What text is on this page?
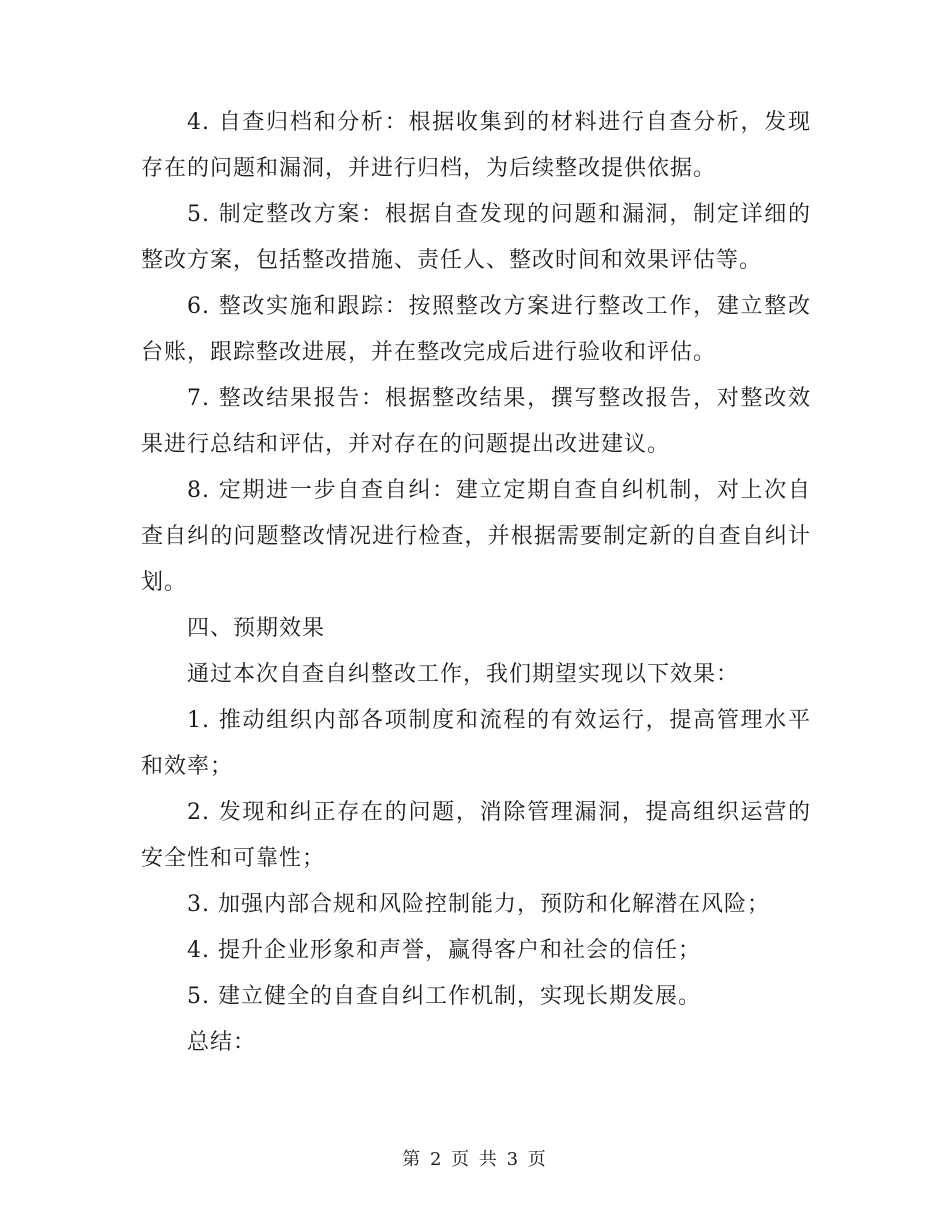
4. 自查归档和分析：根据收集到的材料进行自查分析，发现存在的问题和漏洞，并进行归档，为后续整改提供依据。

5. 制定整改方案：根据自查发现的问题和漏洞，制定详细的整改方案，包括整改措施、责任人、整改时间和效果评估等。

6. 整改实施和跟踪：按照整改方案进行整改工作，建立整改台账，跟踪整改进展，并在整改完成后进行验收和评估。

7. 整改结果报告：根据整改结果，撰写整改报告，对整改效果进行总结和评估，并对存在的问题提出改进建议。

8. 定期进一步自查自纠：建立定期自查自纠机制，对上次自查自纠的问题整改情况进行检查，并根据需要制定新的自查自纠计划。

四、预期效果

通过本次自查自纠整改工作，我们期望实现以下效果：

1. 推动组织内部各项制度和流程的有效运行，提高管理水平和效率；

2. 发现和纠正存在的问题，消除管理漏洞，提高组织运营的安全性和可靠性；

3. 加强内部合规和风险控制能力，预防和化解潜在风险；

4. 提升企业形象和声誉，赢得客户和社会的信任；

5. 建立健全的自查自纠工作机制，实现长期发展。

总结：

第 2 页 共 3 页
